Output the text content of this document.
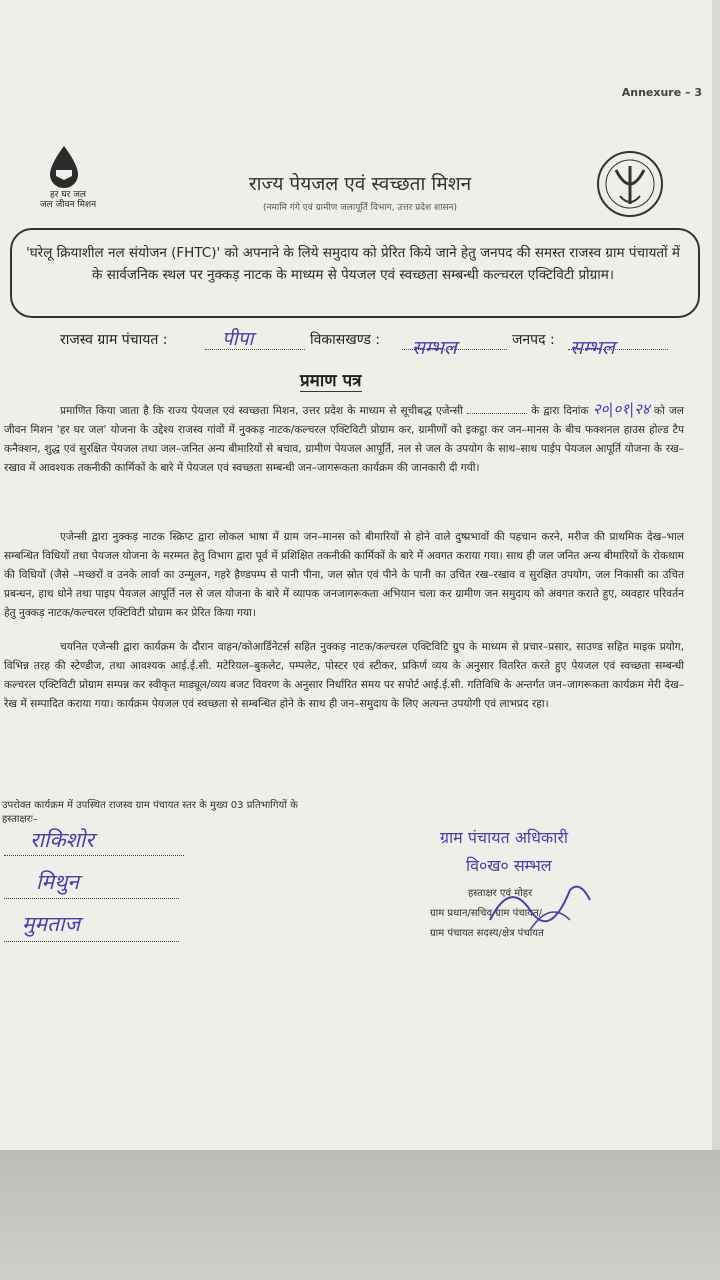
Annexure – 3
हर घर जल
जल जीवन मिशन
राज्य पेयजल एवं स्वच्छता मिशन
(नमामि गंगे एवं ग्रामीण जलापूर्ति विभाग, उत्तर प्रदेश शासन)
'घरेलू क्रियाशील नल संयोजन (FHTC)' को अपनाने के लिये समुदाय को प्रेरित किये जाने हेतु जनपद की समस्त राजस्व ग्राम पंचायतों में के सार्वजनिक स्थल पर नुक्कड़ नाटक के माध्यम से पेयजल एवं स्वच्छता सम्बन्धी कल्चरल एक्टिविटी प्रोग्राम।
राजस्व ग्राम पंचायत :	पीपा	विकासखण्ड : सम्भल	जनपद : सम्भल
प्रमाण पत्र
प्रमाणित किया जाता है कि राज्य पेयजल एवं स्वच्छता मिशन, उत्तर प्रदेश के माध्यम से सूचीबद्ध एजेन्सी	के द्वारा दिनांक २०|०१|२४ को जल जीवन मिशन 'हर घर जल' योजना के उद्देश्य राजस्व गांवों में नुक्कड़ नाटक/कल्चरल एक्टिविटी प्रोग्राम कर, ग्रामीणों को इकट्ठा कर जन–मानस के बीच फक्शनल हाउस होल्ड टैप कनैक्शन, शुद्ध एवं सुरक्षित पेयजल तथा जल–जनित अन्य बीमारियों से बचाव, ग्रामीण पेयजल आपूर्ति, नल से जल के उपयोग के साथ–साथ पाईप पेयजल आपूर्ति योजना के रख–रखाव में आवश्यक तकनीकी कार्मिकों के बारे में पेयजल एवं स्वच्छता सम्बन्धी जन–जागरूकता कार्यक्रम की जानकारी दी गयी।
एजेन्सी द्वारा नुक्कड़ नाटक स्क्रिप्ट द्वारा लोकल भाषा में ग्राम जन–मानस को बीमारियों से होने वाले दुष्प्रभावों की पहचान करने, मरीज की प्राथमिक देख–भाल सम्बन्धित विधियों तथा पेयजल योजना के मरम्मत हेतु विभाग द्वारा पूर्व में प्रशिक्षित तकनीकी कार्मिकों के बारे में अवगत कराया गया। साथ ही जल जनित अन्य बीमारियों के रोकथाम की विधियों (जैसे –मच्छरों व उनके लार्वा का उन्मूलन, गहरे हैण्डपम्प से पानी पीना, जल स्रोत एवं पीने के पानी का उचित रख–रखाव व सुरक्षित उपयोग, जल निकासी का उचित प्रबन्धन, हाथ धोने तथा पाइप पेयजल आपूर्ति नल से जल योजना के बारे में व्यापक जनजागरूकता अभियान चला कर ग्रामीण जन समुदाय को अवगत कराते हुए, व्यवहार परिवर्तन हेतु नुक्कड़ नाटक/कल्चरल एक्टिविटी प्रोग्राम कर प्रेरित किया गया।
चयनित एजेन्सी द्वारा कार्यक्रम के दौरान वाहन/कोआर्डिनेटर्स सहित नुक्कड़ नाटक/कल्चरल एक्टिविटि ग्रुप के माध्यम से प्रचार–प्रसार, साउण्ड सहित माइक प्रयोग, विभिन्न तरह की स्टेण्डीज, तथा आवश्यक आई.ई.सी. मटेरियल–बुकलेट, पम्पलेट, पोस्टर एवं स्टीकर, प्रकिर्ण व्यय के अनुसार वितरित करते हुए पेयजल एवं स्वच्छता सम्बन्धी कल्चरल एक्टिविटी प्रोग्राम सम्पन्न कर स्वीकृत माड्यूल/व्यय बजट विवरण के अनुसार निर्धारित समय पर सपोर्ट आई.ई.सी. गतिविधि के अन्तर्गत जन–जागरूकता कार्यक्रम मेरी देख–रेख में सम्पादित कराया गया। कार्यक्रम पेयजल एवं स्वच्छता से सम्बन्धित होने के साथ ही जन–समुदाय के लिए अत्यन्त उपयोगी एवं लाभप्रद रहा।
उपरोक्त कार्यक्रम में उपस्थित राजस्व ग्राम पंचायत स्तर के मुख्य 03 प्रतिभागियों के
हस्ताक्षरः–
राकिशोर
मिथुन
मुमताज
ग्राम पंचायत अधिकारी
वि०ख० सम्भल
हस्ताक्षर एवं मोहर
ग्राम प्रधान/सचिव ग्राम पंचायत/
ग्राम पंचायत सदस्य/क्षेत्र पंचायत
